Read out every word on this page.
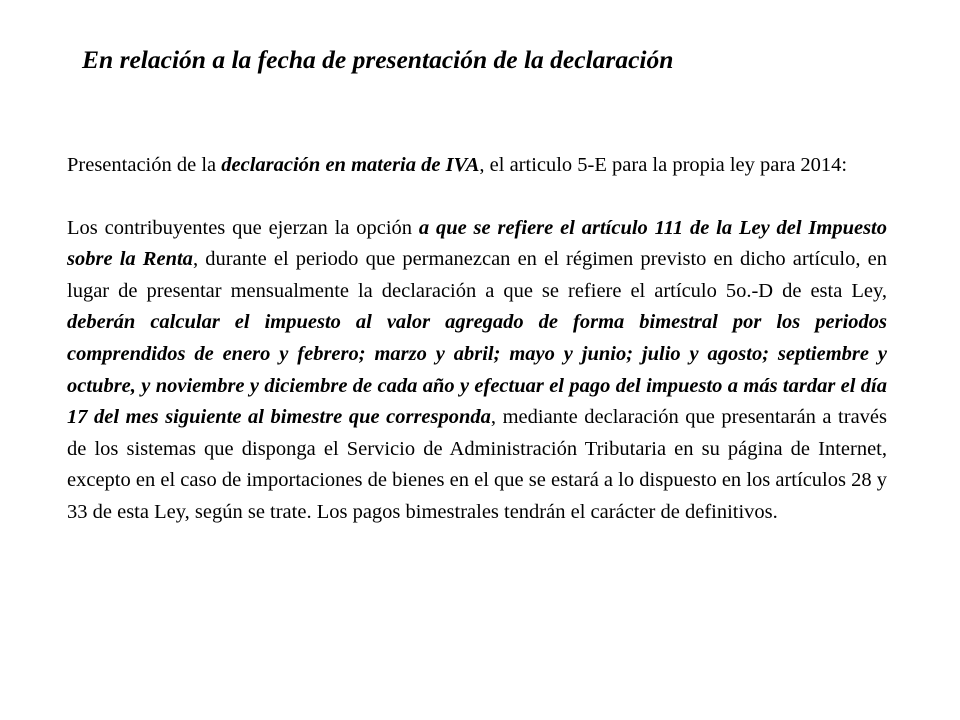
En relación a la fecha de presentación de la declaración

Presentación de la declaración en materia de IVA, el articulo 5-E para la propia ley para 2014:

Los contribuyentes que ejerzan la opción a que se refiere el artículo 111 de la Ley del Impuesto sobre la Renta, durante el periodo que permanezcan en el régimen previsto en dicho artículo, en lugar de presentar mensualmente la declaración a que se refiere el artículo 5o.-D de esta Ley, deberán calcular el impuesto al valor agregado de forma bimestral por los periodos comprendidos de enero y febrero; marzo y abril; mayo y junio; julio y agosto; septiembre y octubre, y noviembre y diciembre de cada año y efectuar el pago del impuesto a más tardar el día 17 del mes siguiente al bimestre que corresponda, mediante declaración que presentarán a través de los sistemas que disponga el Servicio de Administración Tributaria en su página de Internet, excepto en el caso de importaciones de bienes en el que se estará a lo dispuesto en los artículos 28 y 33 de esta Ley, según se trate. Los pagos bimestrales tendrán el carácter de definitivos.
